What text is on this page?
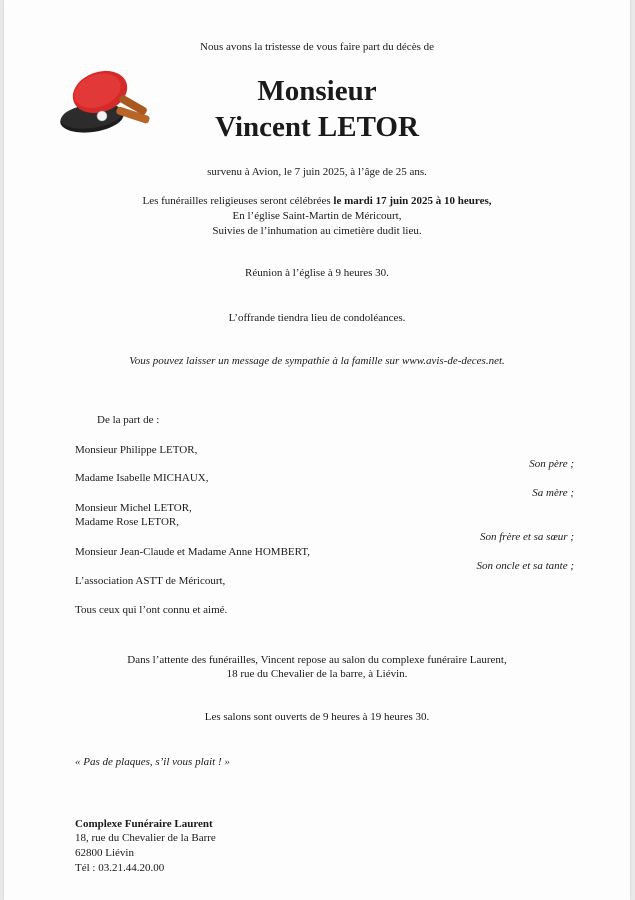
Nous avons la tristesse de vous faire part du décès de
Monsieur
Vincent LETOR
survenu à Avion, le 7 juin 2025, à l’âge de 25 ans.
Les funérailles religieuses seront célébrées le mardi 17 juin 2025 à 10 heures,
En l’église Saint-Martin de Méricourt,
Suivies de l’inhumation au cimetière dudit lieu.
Réunion à l’église à 9 heures 30.
L’offrande tiendra lieu de condoléances.
Vous pouvez laisser un message de sympathie à la famille sur www.avis-de-deces.net.
De la part de :
Monsieur Philippe LETOR,
Son père ;
Madame Isabelle MICHAUX,
Sa mère ;
Monsieur Michel LETOR,
Madame Rose LETOR,
Son frère et sa sœur ;
Monsieur Jean-Claude et Madame Anne HOMBERT,
Son oncle et sa tante ;
L’association ASTT de Méricourt,
Tous ceux qui l’ont connu et aimé.
Dans l’attente des funérailles, Vincent repose au salon du complexe funéraire Laurent,
18 rue du Chevalier de la barre, à Liévin.
Les salons sont ouverts de 9 heures à 19 heures 30.
« Pas de plaques, s’il vous plait ! »
Complexe Funéraire Laurent
18, rue du Chevalier de la Barre
62800 Liévin
Tél : 03.21.44.20.00
